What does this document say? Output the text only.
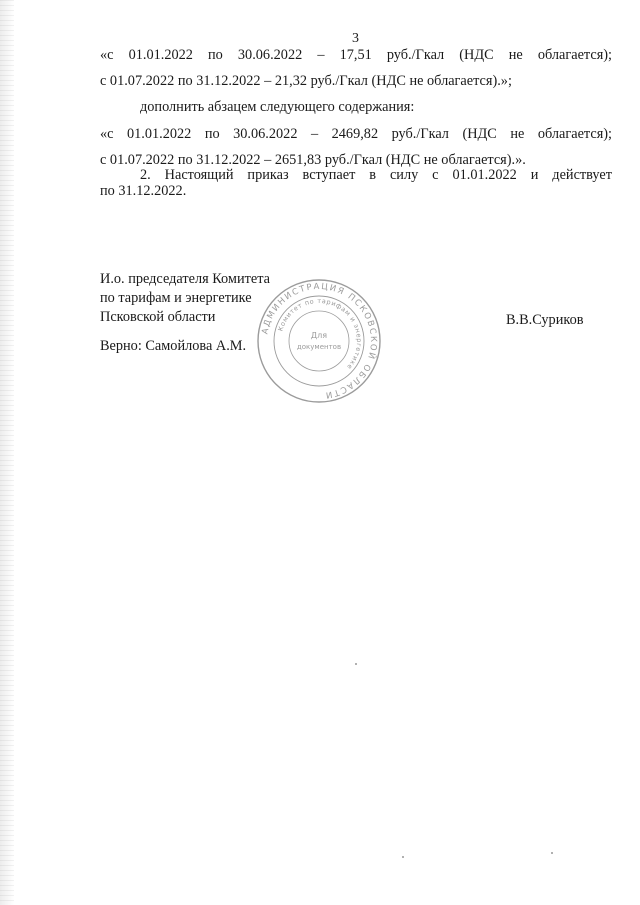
3
«с 01.01.2022 по 30.06.2022 – 17,51 руб./Гкал (НДС не облагается);
с 01.07.2022 по 31.12.2022 – 21,32 руб./Гкал (НДС не облагается).»;
дополнить абзацем следующего содержания:
«с 01.01.2022 по 30.06.2022 – 2469,82 руб./Гкал (НДС не облагается);
с 01.07.2022 по 31.12.2022 – 2651,83 руб./Гкал (НДС не облагается).».
2. Настоящий приказ вступает в силу с 01.01.2022 и действует
по 31.12.2022.
И.о. председателя Комитета
по тарифам и энергетике
Псковской области
Верно: Самойлова А.М.
В.В.Суриков
АДМИНИСТРАЦИЯ ПСКОВСКОЙ ОБЛАСТИ
Комитет по тарифам и энергетике
Для
документов
